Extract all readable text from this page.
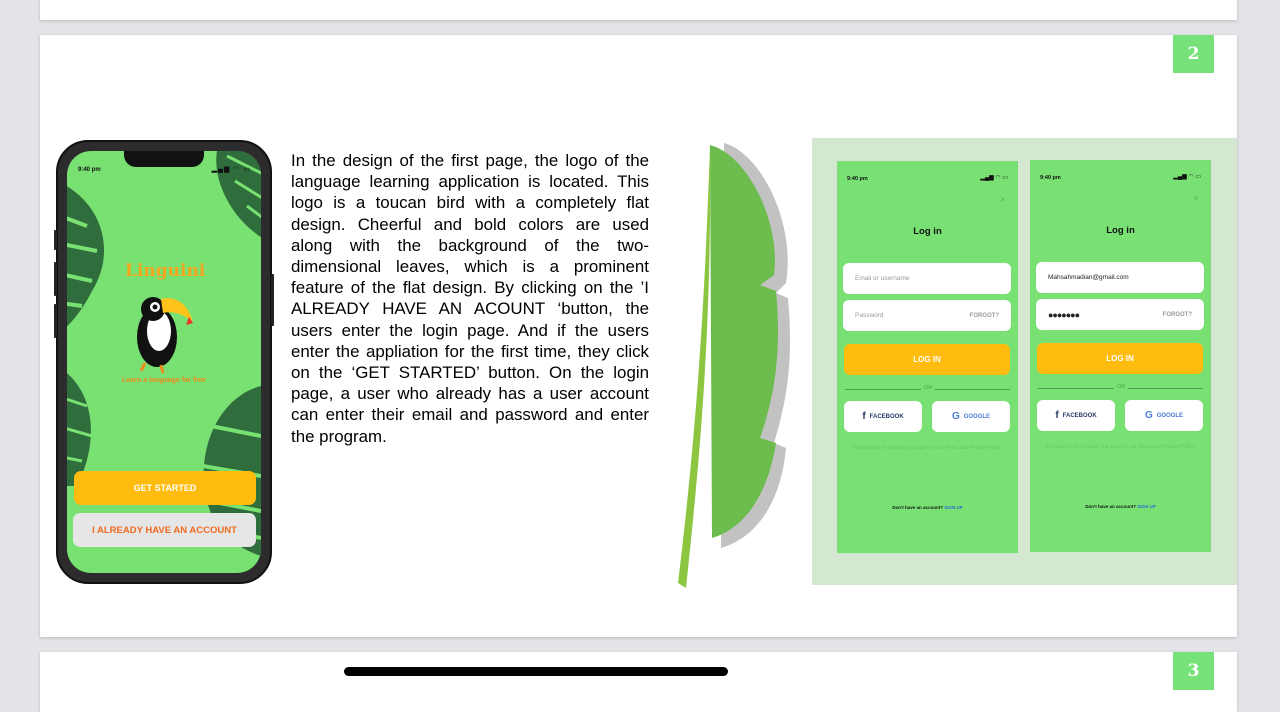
2
9:40 pm	▂▄▆ ◠ ▭
Linguini
Learn a language for free
GET STARTED
I ALREADY HAVE AN ACCOUNT

In the design of the first page, the logo of the language learning application is located. This logo is a toucan bird with a completely flat design. Cheerful and bold colors are used along with the background of the two-dimensional leaves, which is a prominent feature of the flat design. By clicking on the ’I ALREADY HAVE AN ACOUNT ‘button, the users enter the login page. And if the users enter the appliation for the first time, they click on the ‘GET STARTED’ button. On the login page, a user who already has a user account can enter their email and password and enter the program.

9:40 pm	▂▄▆ ◠ ▭
×
Log in
Email or username
Password	FORGOT?
LOG IN
OR
f FACEBOOK	G GOOGLE
By signing in to Linguini, you agree to our Terms and Privacy Policy.
Don’t have an account? SIGN UP
9:40 pm	▂▄▆ ◠ ▭
×
Log in
Mahsahmadian@gmail.com
●●●●●●●	FORGOT?
LOG IN
OR
f FACEBOOK	G GOOGLE
By signing in to Linguini, you agree to our Terms and Privacy Policy.
Don’t have an account? SIGN UP
3
